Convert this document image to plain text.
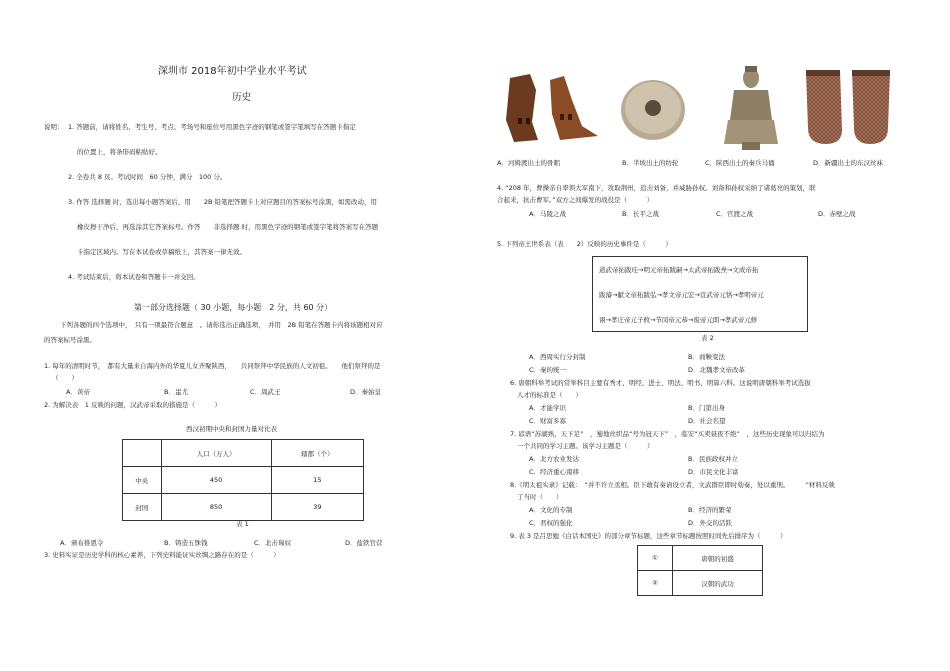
深圳市 2018年初中学业水平考试
历史
说明： 1. 答题前，请将姓名、考生号、考点、考场号和座位号用黑色字迹的钢笔或签字笔填写在答题卡指定
的位置上，将条形码粘贴好。
2. 全卷共 8 页。考试时间　60 分钟，满分　100 分。
3. 作答 选择题 时，选出每小题答案后，用　　2B 铅笔把答题卡上对应题目的答案标号涂黑，如需改动，用
橡皮擦干净后，再选涂其它答案标号。作答　　非选择题 时，用黑色字迹的钢笔或签字笔将答案写在答题
卡指定区域内。写在本试卷或草稿纸上，其答案一律无效。
4. 考试结束后，将本试卷和答题卡一并交回。
第一部分选择题（ 30 小题，每小题　2 分，共 60 分）
下列各题的四个选项中，　只有一项最符合题意　。请你选出正确选项，　并用　2B 铅笔在答题卡内将该题相对应
的答案标号涂黑。
1. 每年的清明时节，　都有大量来自海内外的华夏儿女齐聚陕西，　　共同祭拜中华民族的人文初祖。　　他们祭拜的是
（　　）
A．黄帝	B．蚩尤	C．周武王	D．秦始皇
2. 为解决表　1 反映的问题，汉武帝采取的措施是（　　　）
西汉初期中央和封国力量对比表
	人口（万人）	辖郡（个）
中央	450	15
封国	850	39
表 1
A．颁布推恩令	B．铸造五铢钱	C．北击匈奴	D．盐铁官营
3. 史料实证是历史学科的核心素养，下列史料能证实丝绸之路存在的是（　　　）
A．河姆渡出土的骨耜	B．半坡出土的纺轮	C．陕西出土的秦兵马俑	D．新疆出土的东汉丝袜
4. “208 年，曹操亲自率领大军南下，攻取荆州，追击刘备，并威胁孙权。刘备和孙权采纳了诸葛亮的策划，联
合起来，抗击曹军。”双方之间爆发的战役是（　　　）
A．马陵之战	B．长平之战	C．官渡之战	D．赤壁之战
5. 下列帝王世系表（表　　2）反映的历史事件是（　　　）
道武帝拓跋珪→明元帝拓跋嗣→太武帝拓跋焘→文成帝拓
跋濬→献文帝拓跋弘→孝文帝元宏→宣武帝元恪→孝明帝元
诩→孝庄帝元子攸→节闵帝元恭→废帝元朗→孝武帝元修
表 2
A．西周实行分封制	B．商鞅变法
C．秦的统一	D．北魏孝文帝改革
6. 唐朝科举考试的常举科目主要有秀才、明经、进士、明法、明书、明算六科。这说明唐朝科举考试选拔
人才的标准是（　　）
A．才能学识	B．门第出身
C．财富多寡	D．社会名望
7. 谚语“苏湖熟，天下足”　，蜀地丝织品“号为冠天下”　，临安“买卖昼夜不绝”　，这些历史现象可以归结为
一个共同的学习主题。该学习主题是（　　　）
A．北方农业发达	B．民族政权并立
C．经济重心南移	D．市民文化丰富
8.《明太祖实录》记载：　“并不许立丞相。臣下敢有奏请设立者，文武群臣即时劾奏，处以重刑。　　　”材料反映
了当时（　　）
A．文化的专制	B．经济的繁荣
C．君权的强化	D．外交的活跃
9. 表 3 是吕思勉《白话本国史》的部分章节标题，这些章节标题按照时间先后排序为（　　　）
①	唐朝的初盛
②	汉朝的武功
